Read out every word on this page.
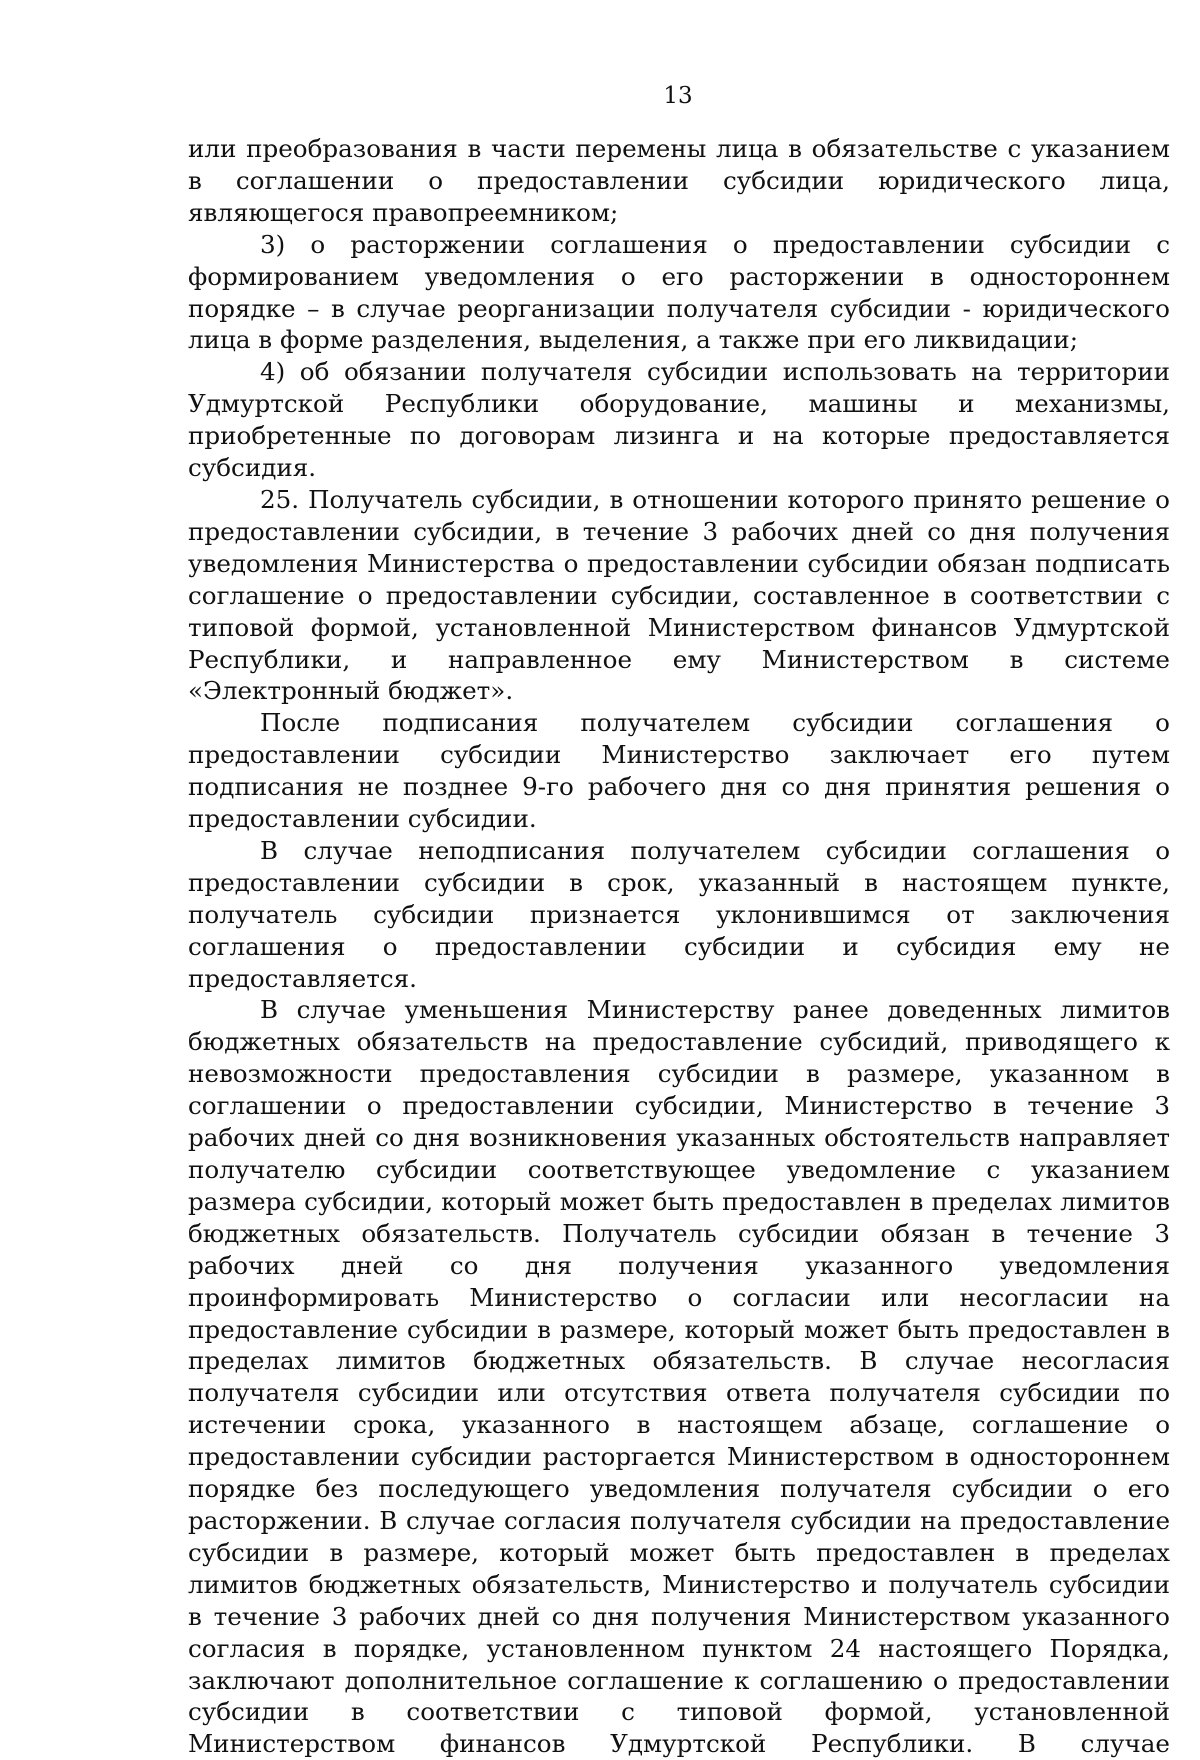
13

или преобразования в части перемены лица в обязательстве с указанием в соглашении о предоставлении субсидии юридического лица, являющегося правопреемником;

3) о расторжении соглашения о предоставлении субсидии с формированием уведомления о его расторжении в одностороннем порядке – в случае реорганизации получателя субсидии - юридического лица в форме разделения, выделения, а также при его ликвидации;

4) об обязании получателя субсидии использовать на территории Удмуртской Республики оборудование, машины и механизмы, приобретенные по договорам лизинга и на которые предоставляется субсидия.

25. Получатель субсидии, в отношении которого принято решение о предоставлении субсидии, в течение 3 рабочих дней со дня получения уведомления Министерства о предоставлении субсидии обязан подписать соглашение о предоставлении субсидии, составленное в соответствии с типовой формой, установленной Министерством финансов Удмуртской Республики, и направленное ему Министерством в системе «Электронный бюджет».

После подписания получателем субсидии соглашения о предоставлении субсидии Министерство заключает его путем подписания не позднее 9-го рабочего дня со дня принятия решения о предоставлении субсидии.

В случае неподписания получателем субсидии соглашения о предоставлении субсидии в срок, указанный в настоящем пункте, получатель субсидии признается уклонившимся от заключения соглашения о предоставлении субсидии и субсидия ему не предоставляется.

В случае уменьшения Министерству ранее доведенных лимитов бюджетных обязательств на предоставление субсидий, приводящего к невозможности предоставления субсидии в размере, указанном в соглашении о предоставлении субсидии, Министерство в течение 3 рабочих дней со дня возникновения указанных обстоятельств направляет получателю субсидии соответствующее уведомление с указанием размера субсидии, который может быть предоставлен в пределах лимитов бюджетных обязательств. Получатель субсидии обязан в течение 3 рабочих дней со дня получения указанного уведомления проинформировать Министерство о согласии или несогласии на предоставление субсидии в размере, который может быть предоставлен в пределах лимитов бюджетных обязательств. В случае несогласия получателя субсидии или отсутствия ответа получателя субсидии по истечении срока, указанного в настоящем абзаце, соглашение о предоставлении субсидии расторгается Министерством в одностороннем порядке без последующего уведомления получателя субсидии о его расторжении. В случае согласия получателя субсидии на предоставление субсидии в размере, который может быть предоставлен в пределах лимитов бюджетных обязательств, Министерство и получатель субсидии в течение 3 рабочих дней со дня получения Министерством указанного согласия в порядке, установленном пунктом 24 настоящего Порядка, заключают дополнительное соглашение к соглашению о предоставлении субсидии в соответствии с типовой формой, установленной Министерством финансов Удмуртской Республики. В случае
